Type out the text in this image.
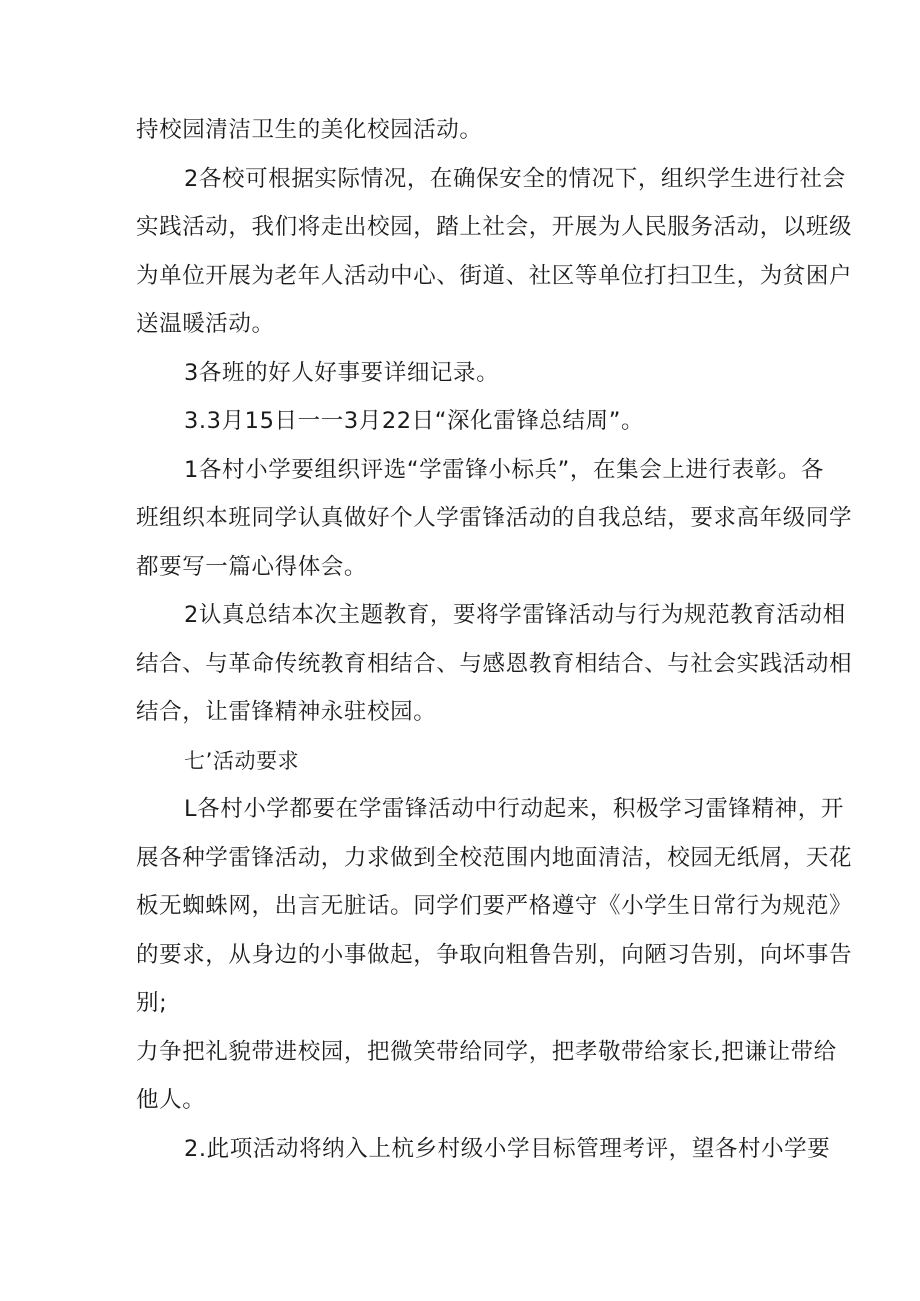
持校园清洁卫生的美化校园活动。
2各校可根据实际情况，在确保安全的情况下，组织学生进行社会
实践活动，我们将走出校园，踏上社会，开展为人民服务活动，以班级
为单位开展为老年人活动中心、街道、社区等单位打扫卫生，为贫困户
送温暖活动。
3各班的好人好事要详细记录。
3.3月15日一一3月22日“深化雷锋总结周”。
1各村小学要组织评选“学雷锋小标兵”，在集会上进行表彰。各
班组织本班同学认真做好个人学雷锋活动的自我总结，要求高年级同学
都要写一篇心得体会。
2认真总结本次主题教育，要将学雷锋活动与行为规范教育活动相
结合、与革命传统教育相结合、与感恩教育相结合、与社会实践活动相
结合，让雷锋精神永驻校园。
七’活动要求
L各村小学都要在学雷锋活动中行动起来，积极学习雷锋精神，开
展各种学雷锋活动，力求做到全校范围内地面清洁，校园无纸屑，天花
板无蜘蛛网，出言无脏话。同学们要严格遵守《小学生日常行为规范》
的要求，从身边的小事做起，争取向粗鲁告别，向陋习告别，向坏事告
别;
力争把礼貌带进校园，把微笑带给同学，把孝敬带给家长,把谦让带给
他人。
2.此项活动将纳入上杭乡村级小学目标管理考评，望各村小学要
